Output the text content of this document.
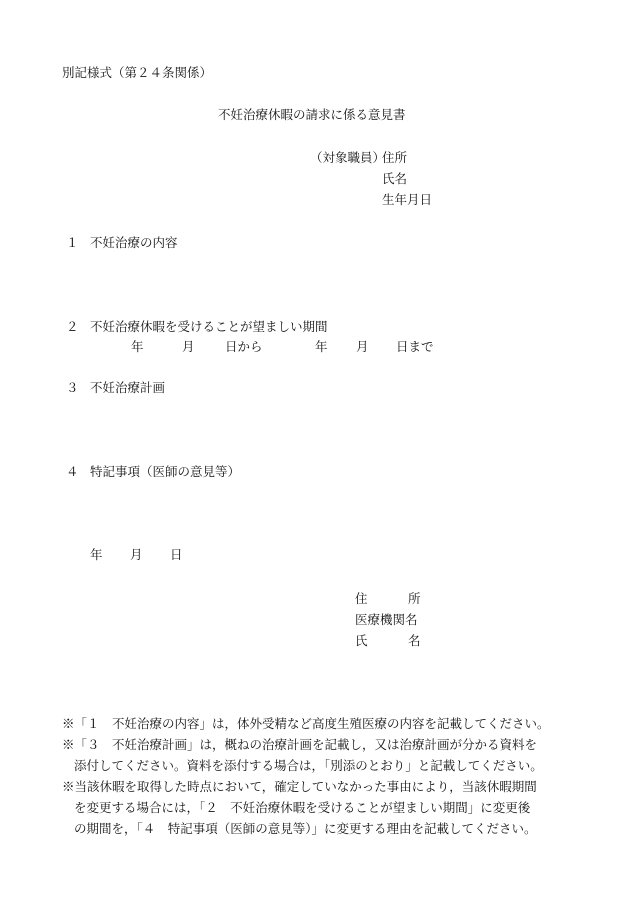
別記様式（第２４条関係）
不妊治療休暇の請求に係る意見書
（対象職員）
住所
氏名
生年月日
１ 不妊治療の内容
２ 不妊治療休暇を受けることが望ましい期間
年	月 日から	年 月 日まで
３ 不妊治療計画
４ 特記事項（医師の意見等）
年 月 日
住	所
医療機関名
氏	名
※「１　不妊治療の内容」は，体外受精など高度生殖医療の内容を記載してください。
※「３　不妊治療計画」は，概ねの治療計画を記載し，又は治療計画が分かる資料を
添付してください。資料を添付する場合は，「別添のとおり」と記載してください。
※当該休暇を取得した時点において，確定していなかった事由により，当該休暇期間
を変更する場合には，「２　不妊治療休暇を受けることが望ましい期間」に変更後
の期間を，「４　特記事項（医師の意見等）」に変更する理由を記載してください。
